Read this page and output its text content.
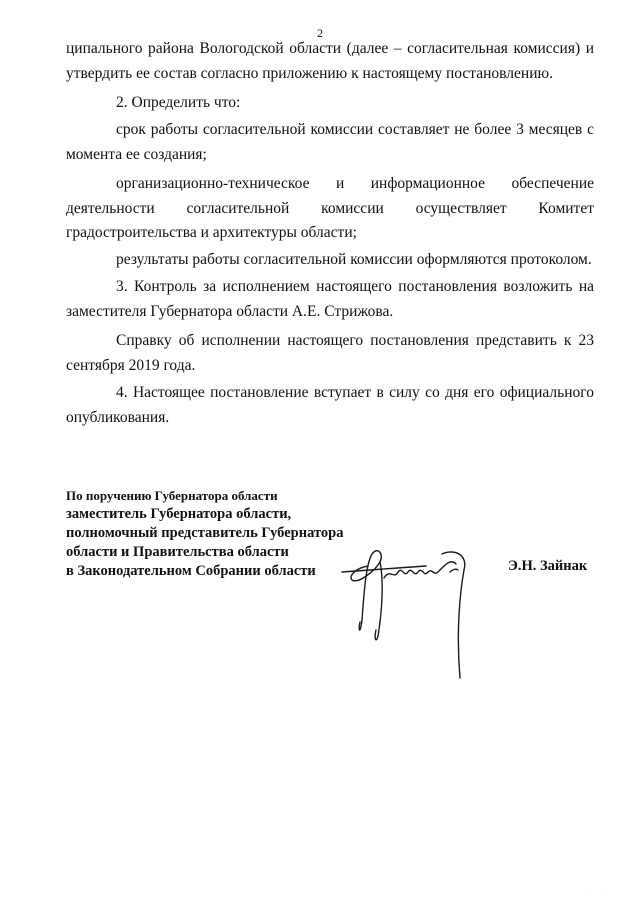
2

ципального района Вологодской области (далее – согласительная комиссия) и утвердить ее состав согласно приложению к настоящему постановлению.

2. Определить что:

срок работы согласительной комиссии составляет не более 3 месяцев с момента ее создания;

организационно-техническое и информационное обеспечение деятельности согласительной комиссии осуществляет Комитет градостроительства и архитектуры области;

результаты работы согласительной комиссии оформляются протоколом.

3. Контроль за исполнением настоящего постановления возложить на заместителя Губернатора области А.Е. Стрижова.

Справку об исполнении настоящего постановления представить к 23 сентября 2019 года.

4. Настоящее постановление вступает в силу со дня его официального опубликования.

По поручению Губернатора области
заместитель Губернатора области,
полномочный представитель Губернатора
области и Правительства области
в Законодательном Собрании области	Э.Н. Зайнак
· · ·
